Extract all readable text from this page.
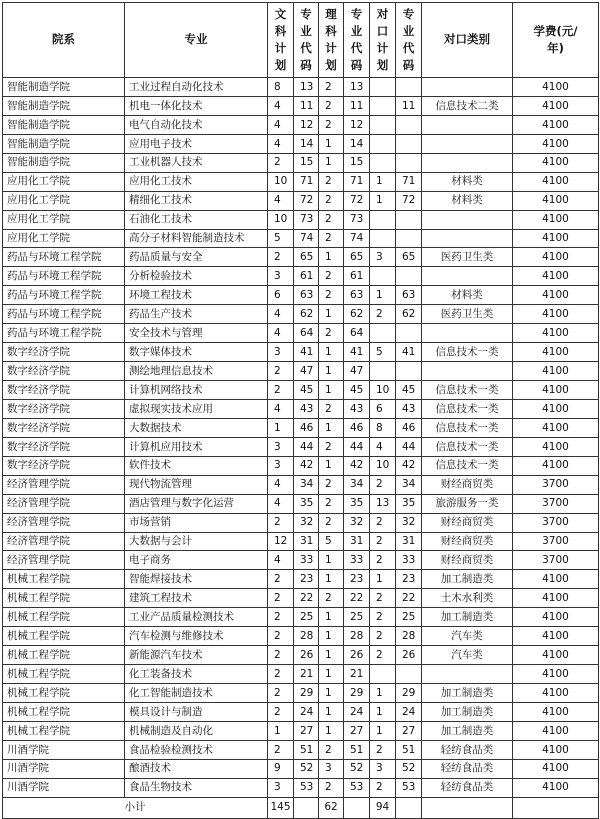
院系	专业	文科计划	专业代码	理科计划	专业代码	对口计划	专业代码	对口类别	学费(元/年)

智能制造学院	工业过程自动化技术	8	13	2	13				4100
智能制造学院	机电一体化技术	4	11	2	11		11	信息技术二类	4100
智能制造学院	电气自动化技术	4	12	2	12				4100
智能制造学院	应用电子技术	4	14	1	14				4100
智能制造学院	工业机器人技术	2	15	1	15				4100
应用化工学院	应用化工技术	10	71	2	71	1	71	材料类	4100
应用化工学院	精细化工技术	4	72	2	72	1	72	材料类	4100
应用化工学院	石油化工技术	10	73	2	73				4100
应用化工学院	高分子材料智能制造技术	5	74	2	74				4100
药品与环境工程学院	药品质量与安全	2	65	1	65	3	65	医药卫生类	4100
药品与环境工程学院	分析检验技术	3	61	2	61				4100
药品与环境工程学院	环境工程技术	6	63	2	63	1	63	材料类	4100
药品与环境工程学院	药品生产技术	4	62	1	62	2	62	医药卫生类	4100
药品与环境工程学院	安全技术与管理	4	64	2	64				4100
数字经济学院	数字媒体技术	3	41	1	41	5	41	信息技术一类	4100
数字经济学院	测绘地理信息技术	2	47	1	47				4100
数字经济学院	计算机网络技术	2	45	1	45	10	45	信息技术一类	4100
数字经济学院	虚拟现实技术应用	4	43	2	43	6	43	信息技术一类	4100
数字经济学院	大数据技术	1	46	1	46	8	46	信息技术一类	4100
数字经济学院	计算机应用技术	3	44	2	44	4	44	信息技术一类	4100
数字经济学院	软件技术	3	42	1	42	10	42	信息技术一类	4100
经济管理学院	现代物流管理	4	34	2	34	2	34	财经商贸类	3700
经济管理学院	酒店管理与数字化运营	4	35	2	35	13	35	旅游服务一类	3700
经济管理学院	市场营销	2	32	2	32	2	32	财经商贸类	3700
经济管理学院	大数据与会计	12	31	5	31	2	31	财经商贸类	3700
经济管理学院	电子商务	4	33	1	33	2	33	财经商贸类	3700
机械工程学院	智能焊接技术	2	23	1	23	1	23	加工制造类	4100
机械工程学院	建筑工程技术	2	22	2	22	2	22	土木水利类	4100
机械工程学院	工业产品质量检测技术	2	25	1	25	2	25	加工制造类	4100
机械工程学院	汽车检测与维修技术	2	28	1	28	2	28	汽车类	4100
机械工程学院	新能源汽车技术	2	26	1	26	2	26	汽车类	4100
机械工程学院	化工装备技术	2	21	1	21				4100
机械工程学院	化工智能制造技术	2	29	1	29	1	29	加工制造类	4100
机械工程学院	模具设计与制造	2	24	1	24	1	24	加工制造类	4100
机械工程学院	机械制造及自动化	1	27	1	27	1	27	加工制造类	4100
川酒学院	食品检验检测技术	2	51	2	51	2	51	轻纺食品类	4100
川酒学院	酿酒技术	9	52	3	52	3	52	轻纺食品类	4100
川酒学院	食品生物技术	3	53	2	53	2	53	轻纺食品类	4100
小计		145		62		94			
